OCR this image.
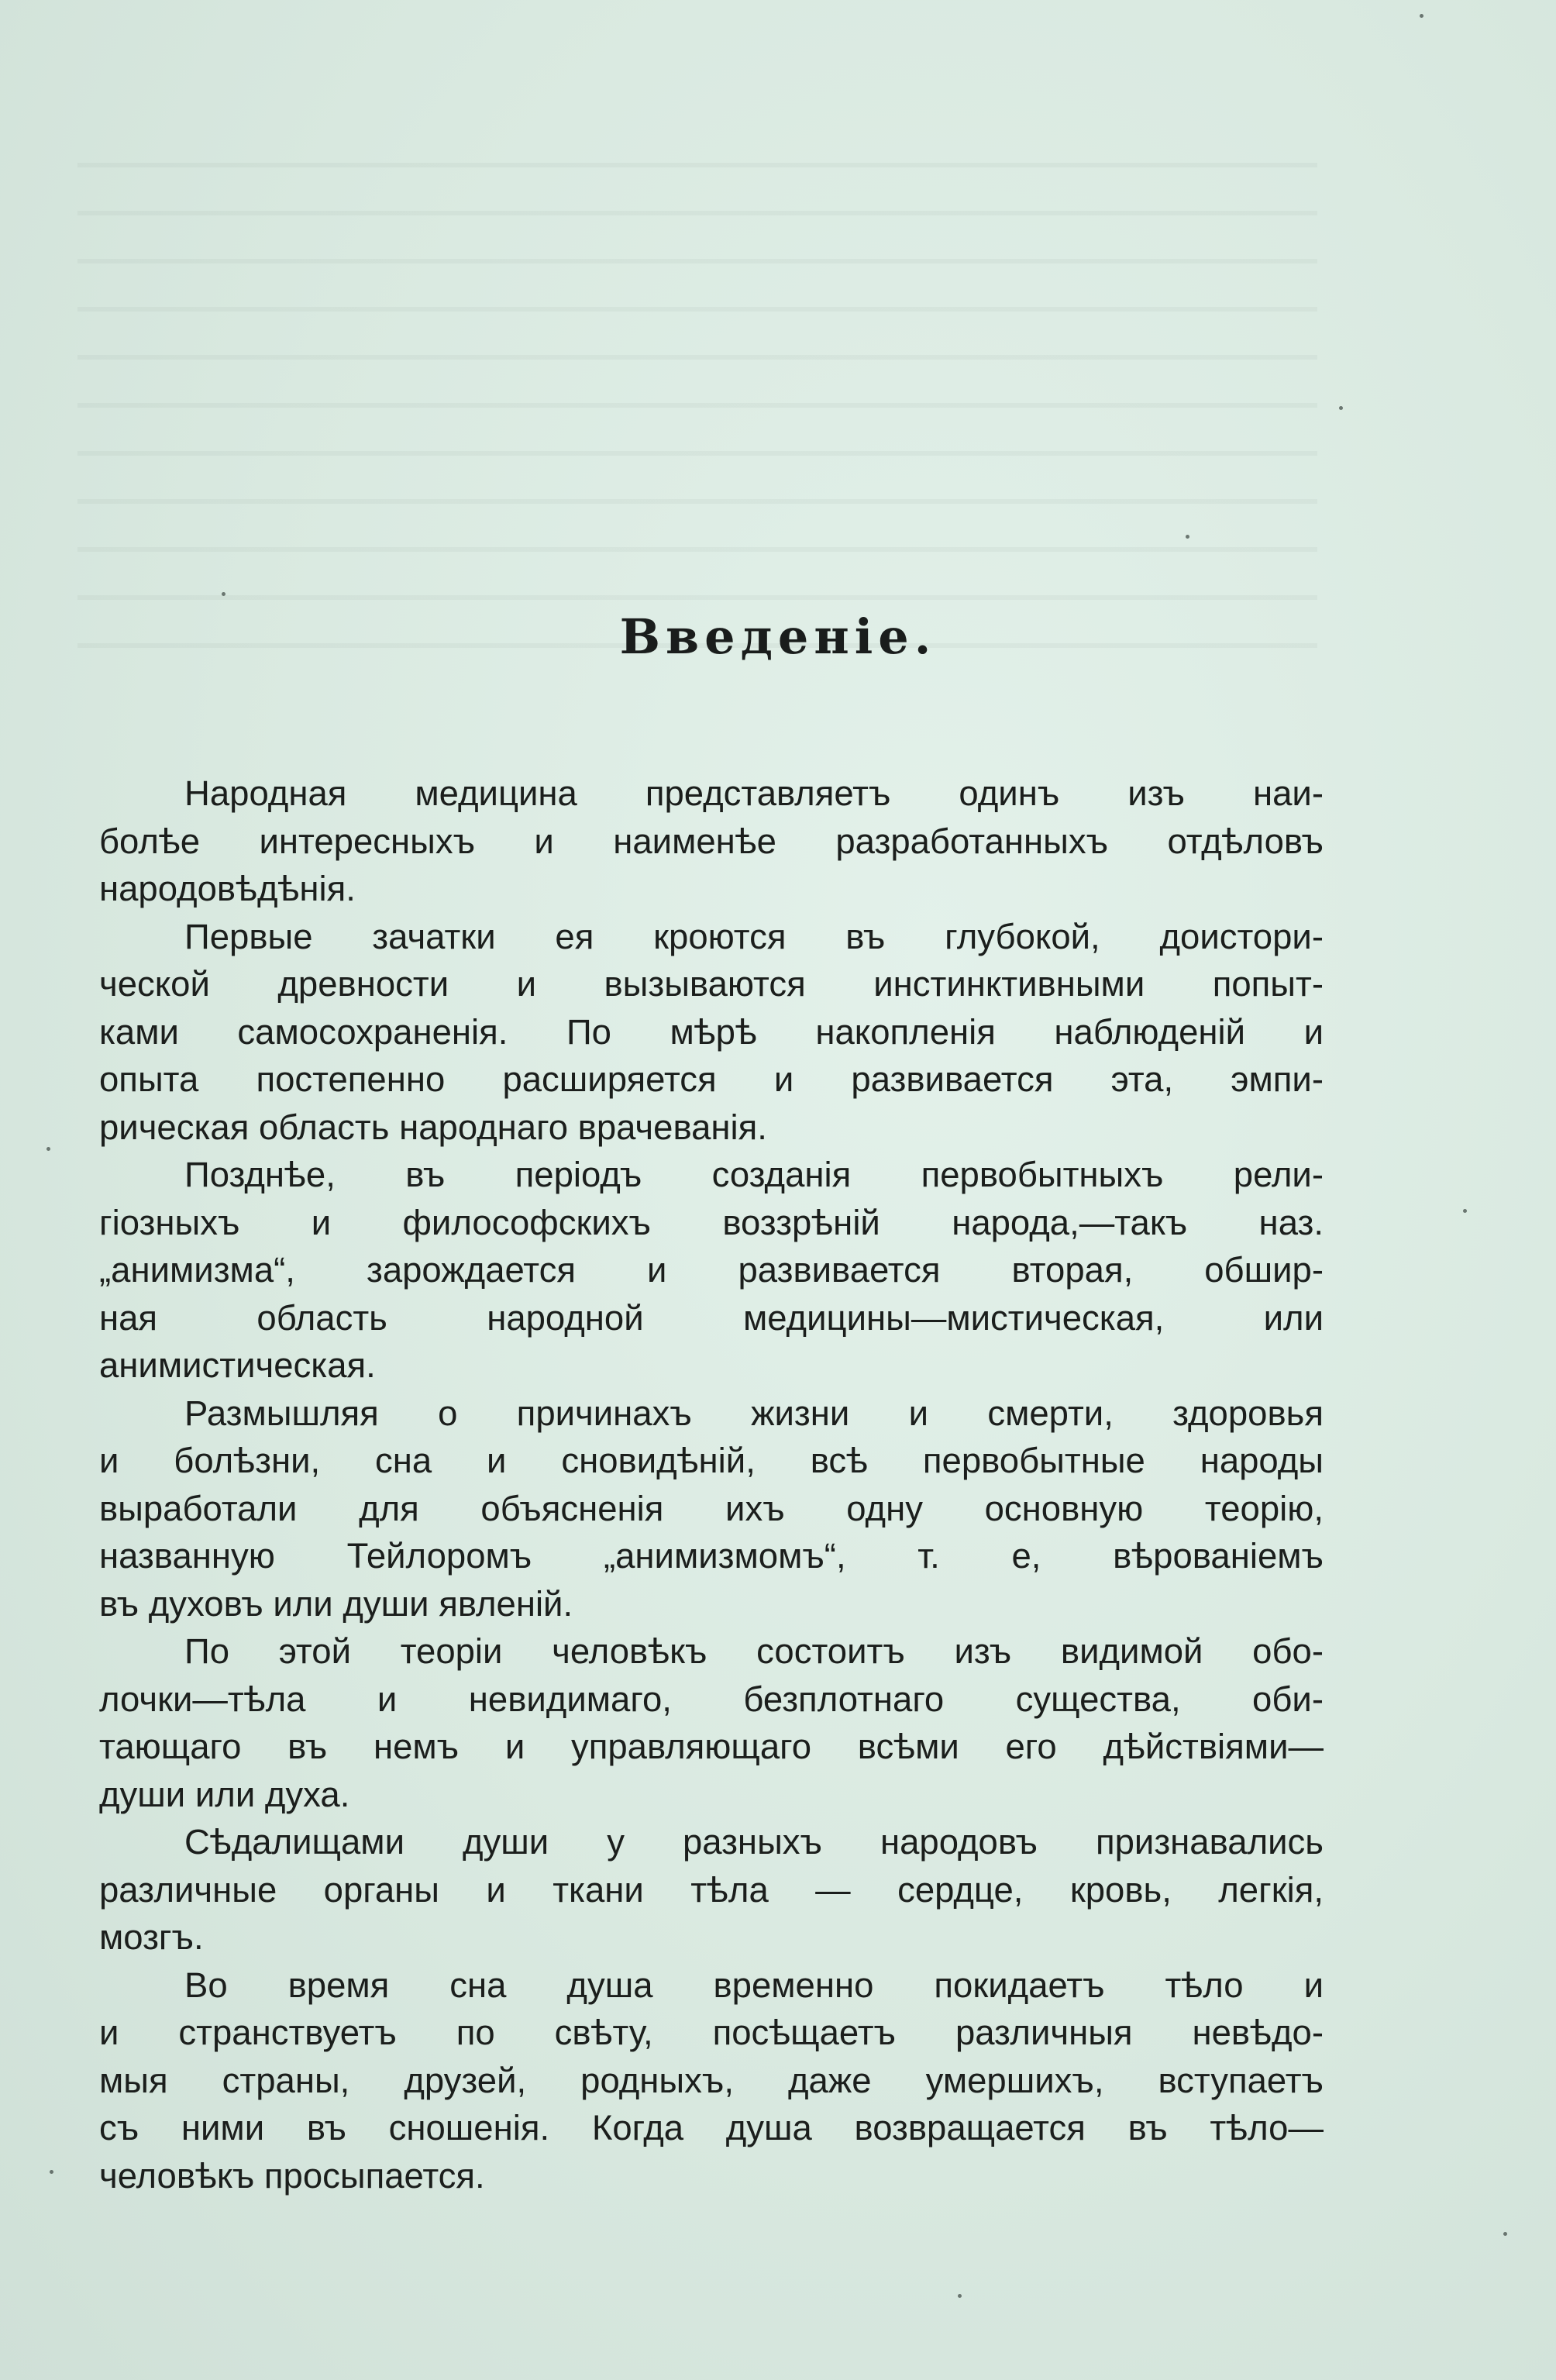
Введенiе.
Народная медицина представляетъ одинъ изъ наи-
болѣе интересныхъ и наименѣе разработанныхъ отдѣловъ
народовѣдѣнiя.
Первые зачатки ея кроются въ глубокой, доистори-
ческой древности и вызываются инстинктивными попыт-
ками самосохраненiя. По мѣрѣ накопленiя наблюденiй и
опыта постепенно расширяется и развивается эта, эмпи-
рическая область народнаго врачеванiя.
Позднѣе, въ перiодъ созданiя первобытныхъ рели-
гiозныхъ и философскихъ воззрѣнiй народа,—такъ наз.
„анимизма“, зарождается и развивается вторая, обшир-
ная область народной медицины—мистическая, или
анимистическая.
Размышляя о причинахъ жизни и смерти, здоровья
и болѣзни, сна и сновидѣнiй, всѣ первобытные народы
выработали для объясненiя ихъ одну основную теорiю,
названную Тейлоромъ „анимизмомъ“, т. е, вѣрованiемъ
въ духовъ или души явленiй.
По этой теорiи человѣкъ состоитъ изъ видимой обо-
лочки—тѣла и невидимаго, безплотнаго существа, оби-
тающаго въ немъ и управляющаго всѣми его дѣйствiями—
души или духа.
Сѣдалищами души у разныхъ народовъ признавались
различные органы и ткани тѣла — сердце, кровь, легкiя,
мозгъ.
Во время сна душа временно покидаетъ тѣло и
и странствуетъ по свѣту, посѣщаетъ различныя невѣдо-
мыя страны, друзей, родныхъ, даже умершихъ, вступаетъ
съ ними въ сношенiя. Когда душа возвращается въ тѣло—
человѣкъ просыпается.
